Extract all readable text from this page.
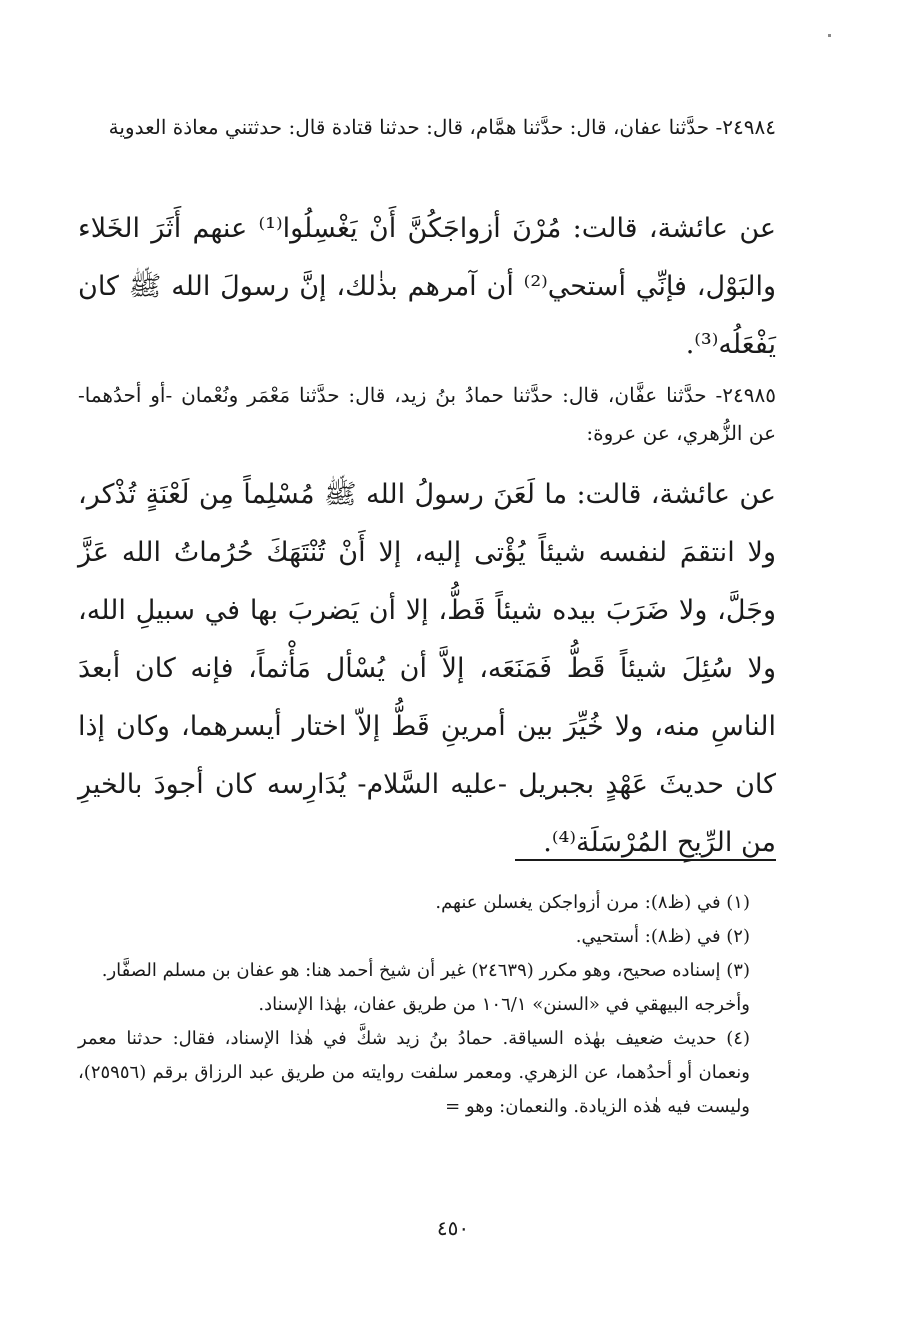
٢٤٩٨٤- حدَّثنا عفان، قال: حدَّثنا همَّام، قال: حدثنا قتادة قال: حدثتني معاذة العدوية

عن عائشة، قالت: مُرْنَ أزواجَكُنَّ أَنْ يَغْسِلُوا⁽¹⁾ عنهم أَثَرَ الخَلاء والبَوْل، فإنِّي أستحي⁽²⁾ أن آمرهم بذٰلك، إنَّ رسولَ الله ﷺ كان يَفْعَلُه⁽³⁾.

٢٤٩٨٥- حدَّثنا عفَّان، قال: حدَّثنا حمادُ بنُ زيد، قال: حدَّثنا مَعْمَر ونُعْمان -أو أحدُهما- عن الزُّهري، عن عروة:

عن عائشة، قالت: ما لَعَنَ رسولُ الله ﷺ مُسْلِماً مِن لَعْنَةٍ تُذْكر، ولا انتقمَ لنفسه شيئاً يُؤْتى إليه، إلا أَنْ تُنْتَهَكَ حُرُماتُ الله عَزَّ وجَلَّ، ولا ضَرَبَ بيده شيئاً قَطُّ، إلا أن يَضربَ بها في سبيلِ الله، ولا سُئِلَ شيئاً قَطُّ فَمَنَعَه، إلاَّ أن يُسْأل مَأْثماً، فإنه كان أبعدَ الناسِ منه، ولا خُيِّرَ بين أمرينِ قَطُّ إلاّ اختار أيسرهما، وكان إذا كان حديثَ عَهْدٍ بجبريل -عليه السَّلام- يُدَارِسه كان أجودَ بالخيرِ من الرِّيحِ المُرْسَلَة⁽⁴⁾.

(١) في (ظ٨): مرن أزواجكن يغسلن عنهم.

(٢) في (ظ٨): أستحيي.

(٣) إسناده صحيح، وهو مكرر (٢٤٦٣٩) غير أن شيخ أحمد هنا: هو عفان بن مسلم الصفَّار.

وأخرجه البيهقي في «السنن» ١٠٦/١ من طريق عفان، بهٰذا الإسناد.

(٤) حديث ضعيف بهٰذه السياقة. حمادُ بنُ زيد شكَّ في هٰذا الإسناد، فقال: حدثنا معمر ونعمان أو أحدُهما، عن الزهري. ومعمر سلفت روايته من طريق عبد الرزاق برقم (٢٥٩٥٦)، وليست فيه هٰذه الزيادة. والنعمان: وهو =

٤٥٠
